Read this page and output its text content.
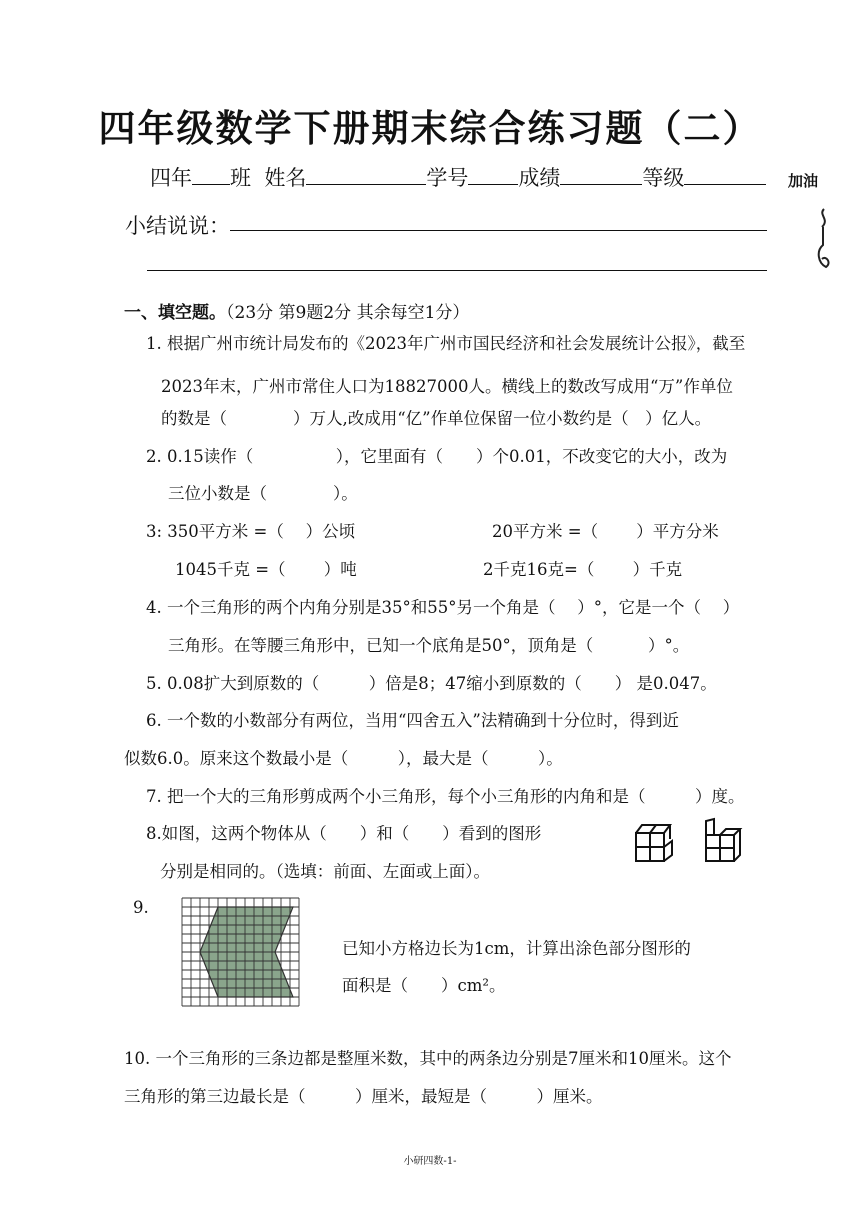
四年级数学下册期末综合练习题（二）
四年 班 姓名	学号 成绩	等级	加油
小结说说：
一、填空题。（23分 第9题2分 其余每空1分）
1. 根据广州市统计局发布的《2023年广州市国民经济和社会发展统计公报》，截至
2023年末，广州市常住人口为18827000人。横线上的数改写成用“万”作单位
的数是（　　　　）万人,改成用“亿”作单位保留一位小数约是（　）亿人。
2. 0.15读作（　　　　　），它里面有（　　）个0.01，不改变它的大小，改为
三位小数是（　　　　）。
3: 350平方米 =（　 ）公顷	20平方米 =（　　 ）平方分米
1045千克 =（　　 ）吨	2千克16克=（　　 ）千克
4. 一个三角形的两个内角分别是35°和55°另一个角是（　 ）°，它是一个（　 ）
三角形。在等腰三角形中，已知一个底角是50°，顶角是（　　　 ）°。
5. 0.08扩大到原数的（　　　）倍是8；47缩小到原数的（　　） 是0.047。
6. 一个数的小数部分有两位，当用“四舍五入”法精确到十分位时，得到近
似数6.0。原来这个数最小是（　　　），最大是（　　　）。
7. 把一个大的三角形剪成两个小三角形，每个小三角形的内角和是（　　　）度。
8.如图，这两个物体从（　　）和（　　）看到的图形
分别是相同的。（选填：前面、左面或上面）。
9.
已知小方格边长为1cm，计算出涂色部分图形的
面积是（　　）cm²。
10. 一个三角形的三条边都是整厘米数，其中的两条边分别是7厘米和10厘米。这个
三角形的第三边最长是（　　　）厘米，最短是（　　　）厘米。
小研四数-1-
